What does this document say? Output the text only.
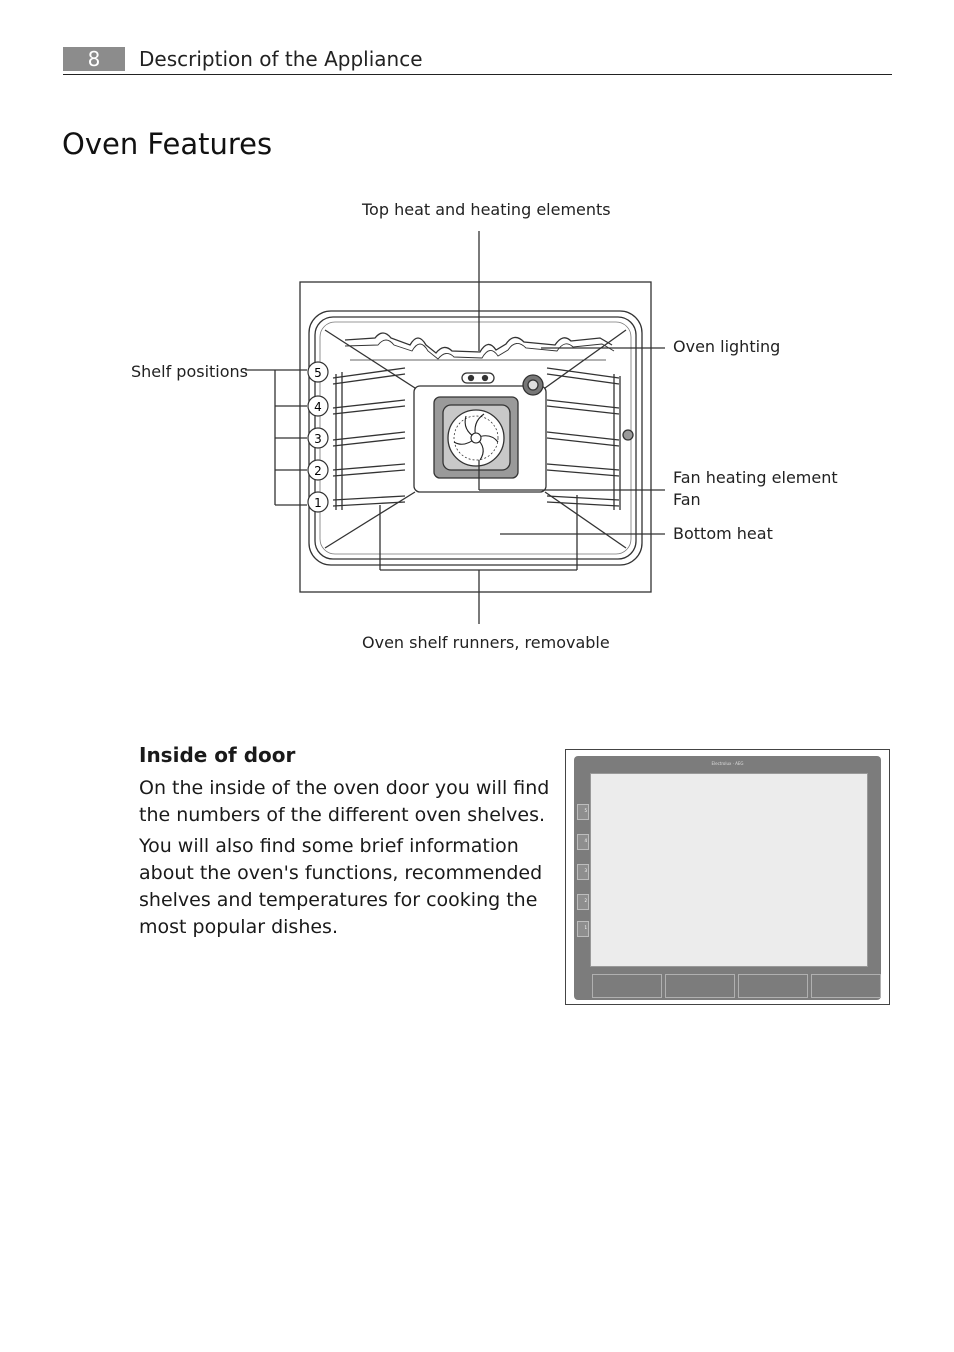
8	Description of the Appliance
Oven Features
5
4
3
2
1
Top heat and heating elements
Oven lighting
Shelf positions
Fan heating element
Fan
Bottom heat
Oven shelf runners, removable
Inside of door

On the inside of the oven door you will find the numbers of the different oven shelves.

You will also find some brief information about the oven's functions, recommended shelves and temperatures for cooking the most popular dishes.

Electrolux · AEG
5
4
3
2
1
